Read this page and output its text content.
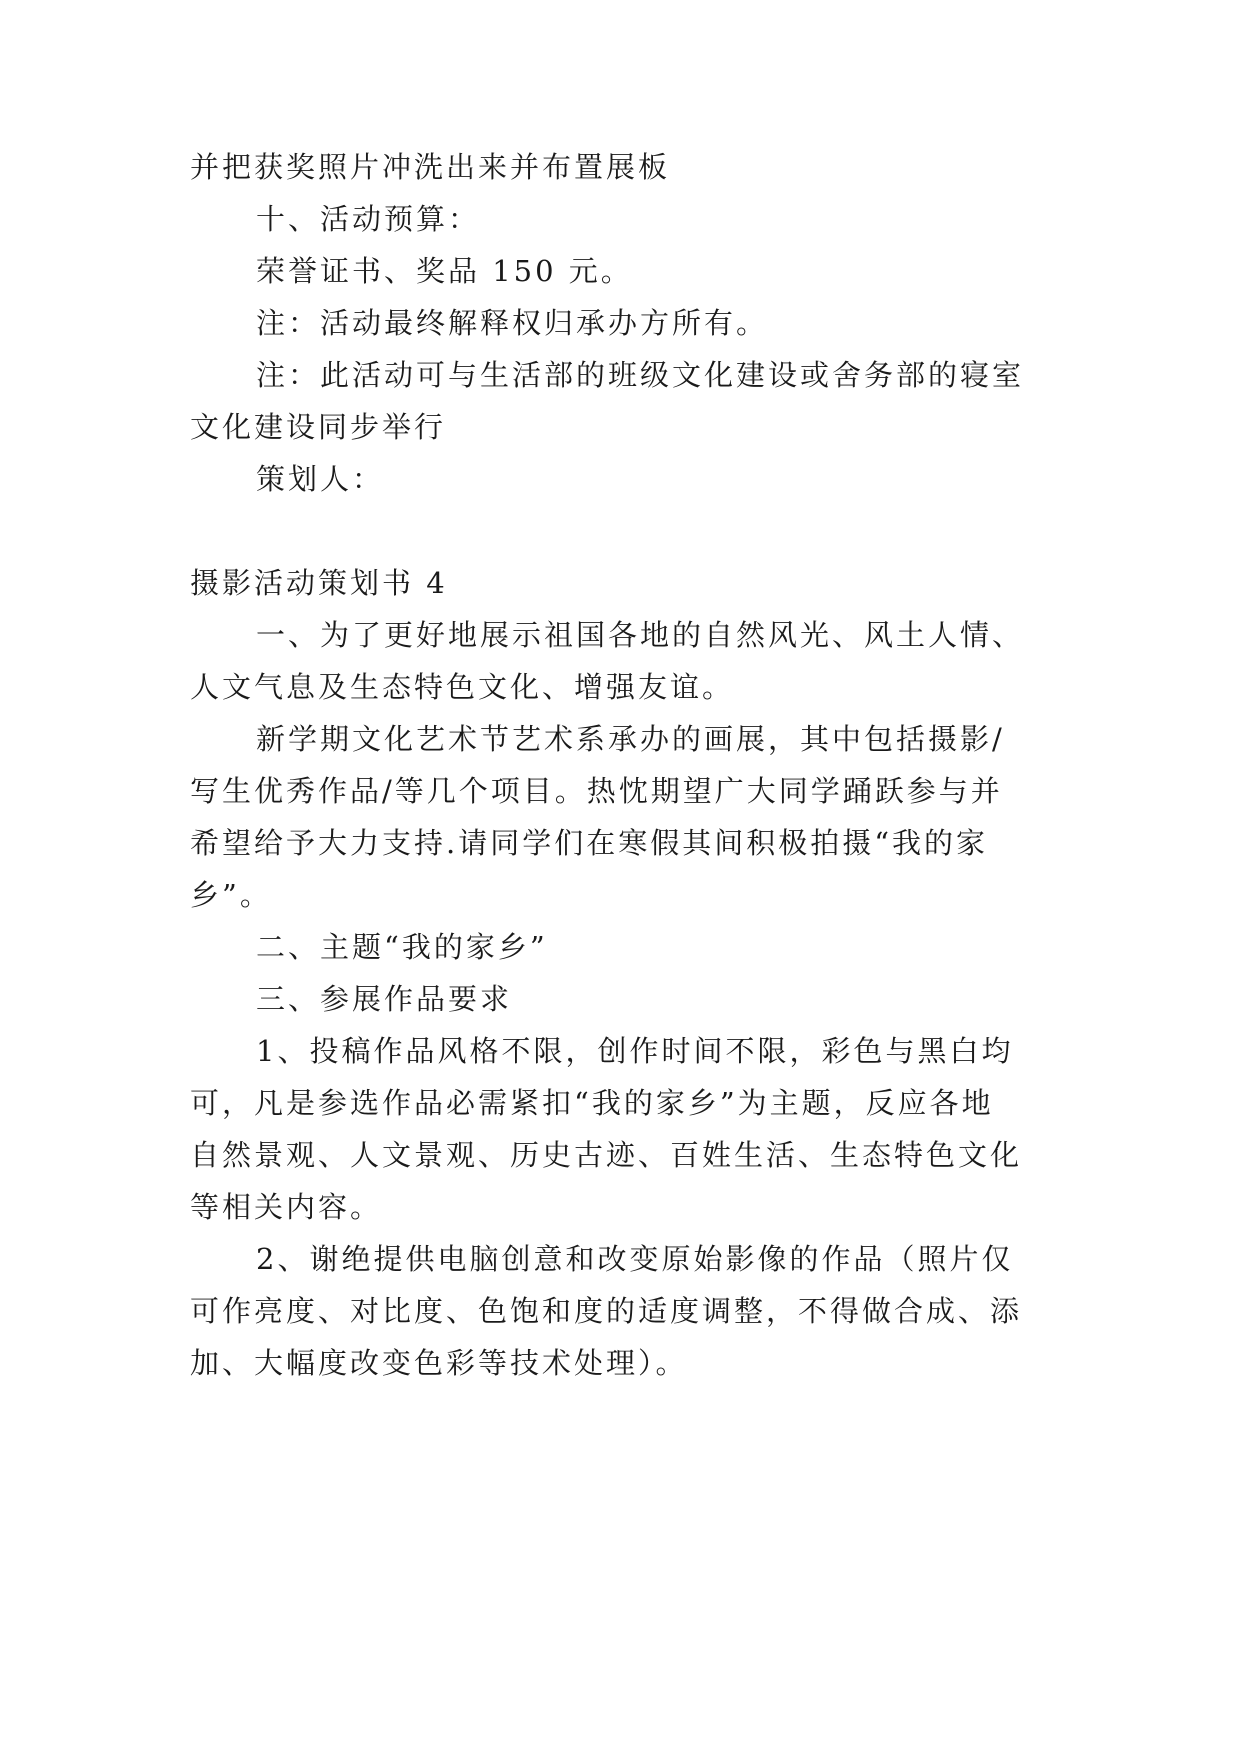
并把获奖照片冲洗出来并布置展板

十、活动预算：

荣誉证书、奖品 150 元。

注：活动最终解释权归承办方所有。

注：此活动可与生活部的班级文化建设或舍务部的寝室

文化建设同步举行

策划人：

摄影活动策划书 4

一、为了更好地展示祖国各地的自然风光、风土人情、

人文气息及生态特色文化、增强友谊。

新学期文化艺术节艺术系承办的画展，其中包括摄影/

写生优秀作品/等几个项目。热忱期望广大同学踊跃参与并

希望给予大力支持.请同学们在寒假其间积极拍摄“我的家

乡”。

二、主题“我的家乡”

三、参展作品要求

1、投稿作品风格不限，创作时间不限，彩色与黑白均

可，凡是参选作品必需紧扣“我的家乡”为主题，反应各地

自然景观、人文景观、历史古迹、百姓生活、生态特色文化

等相关内容。

2、谢绝提供电脑创意和改变原始影像的作品（照片仅

可作亮度、对比度、色饱和度的适度调整，不得做合成、添

加、大幅度改变色彩等技术处理）。
